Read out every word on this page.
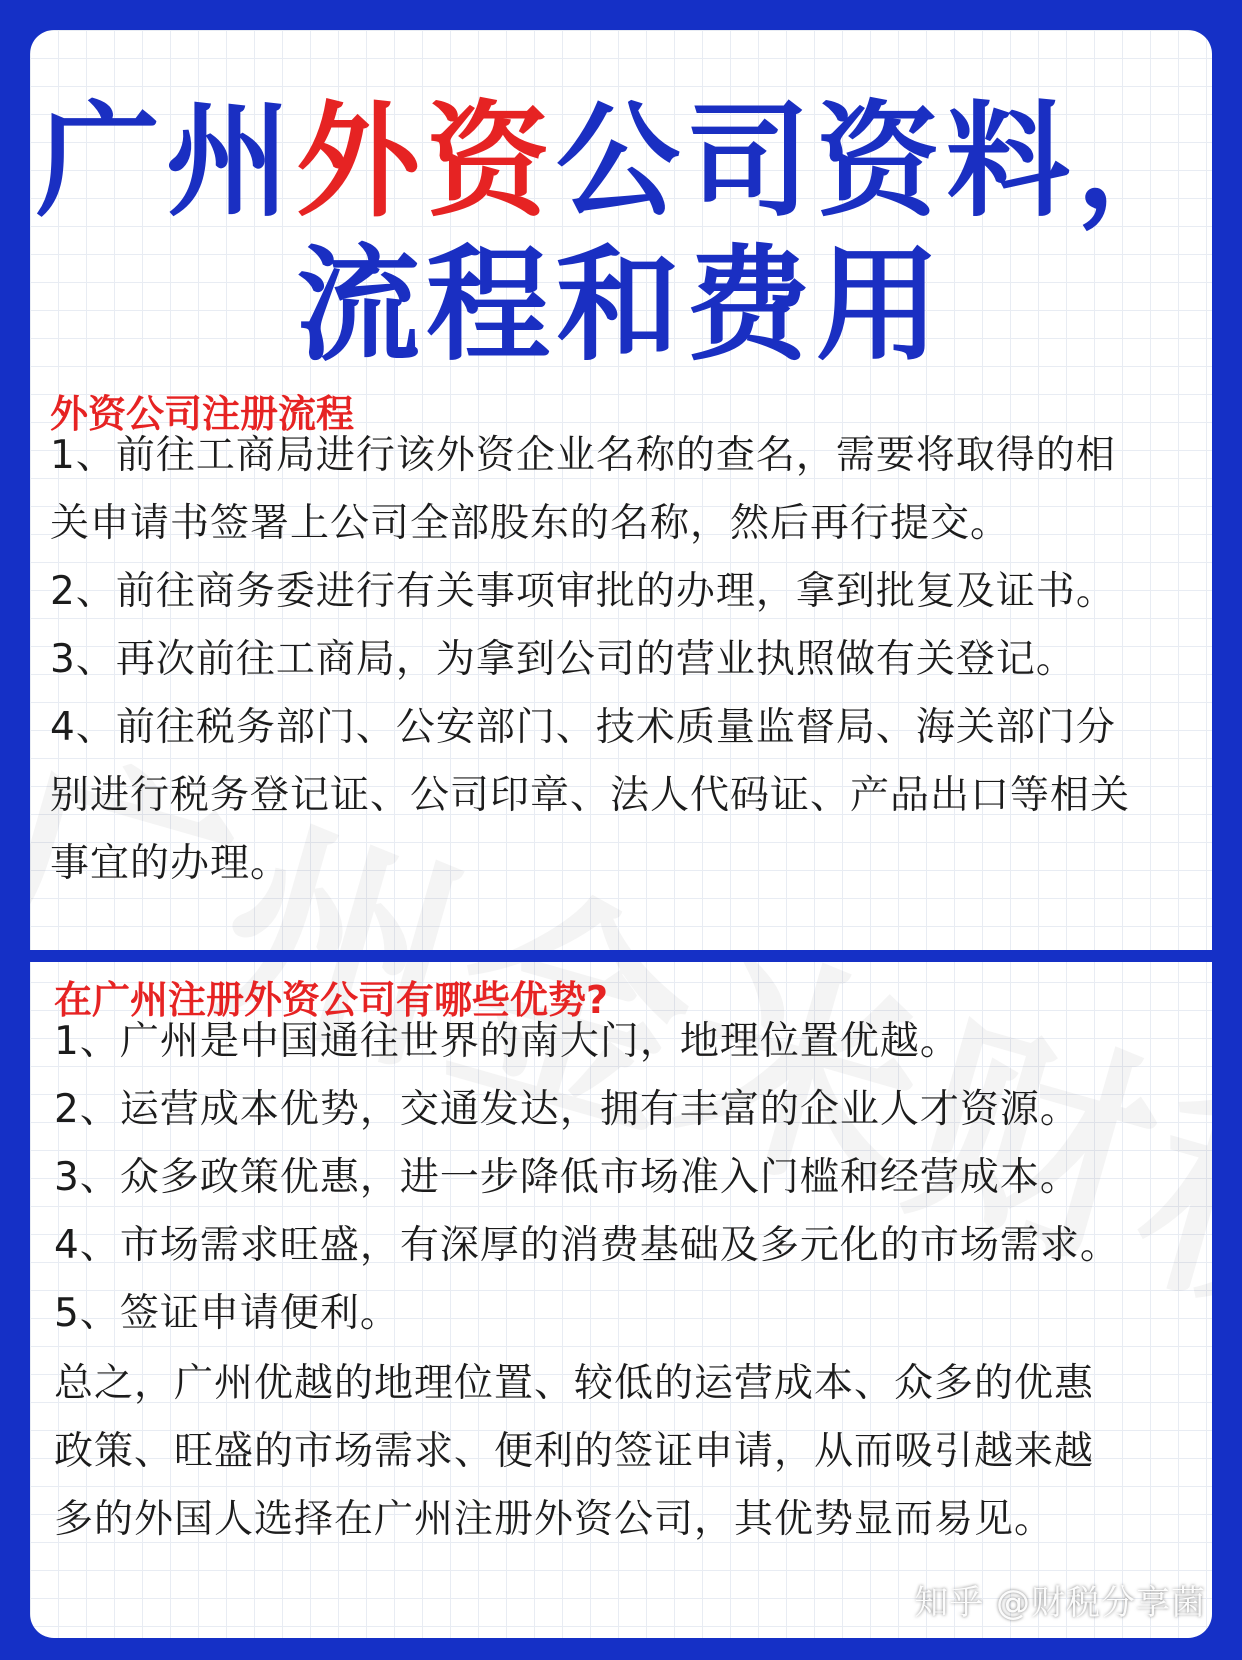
广州外资公司资料，
流程和费用
外资公司注册流程
1、前往工商局进行该外资企业名称的查名，需要将取得的相
关申请书签署上公司全部股东的名称，然后再行提交。
2、前往商务委进行有关事项审批的办理，拿到批复及证书。
3、再次前往工商局，为拿到公司的营业执照做有关登记。
4、前往税务部门、公安部门、技术质量监督局、海关部门分
别进行税务登记证、公司印章、法人代码证、产品出口等相关
事宜的办理。
在广州注册外资公司有哪些优势?
1、广州是中国通往世界的南大门，地理位置优越。
2、运营成本优势，交通发达，拥有丰富的企业人才资源。
3、众多政策优惠，进一步降低市场准入门槛和经营成本。
4、市场需求旺盛，有深厚的消费基础及多元化的市场需求。
5、签证申请便利。
总之，广州优越的地理位置、较低的运营成本、众多的优惠
政策、旺盛的市场需求、便利的签证申请，从而吸引越来越
多的外国人选择在广州注册外资公司，其优势显而易见。
知乎 @财税分享菌
